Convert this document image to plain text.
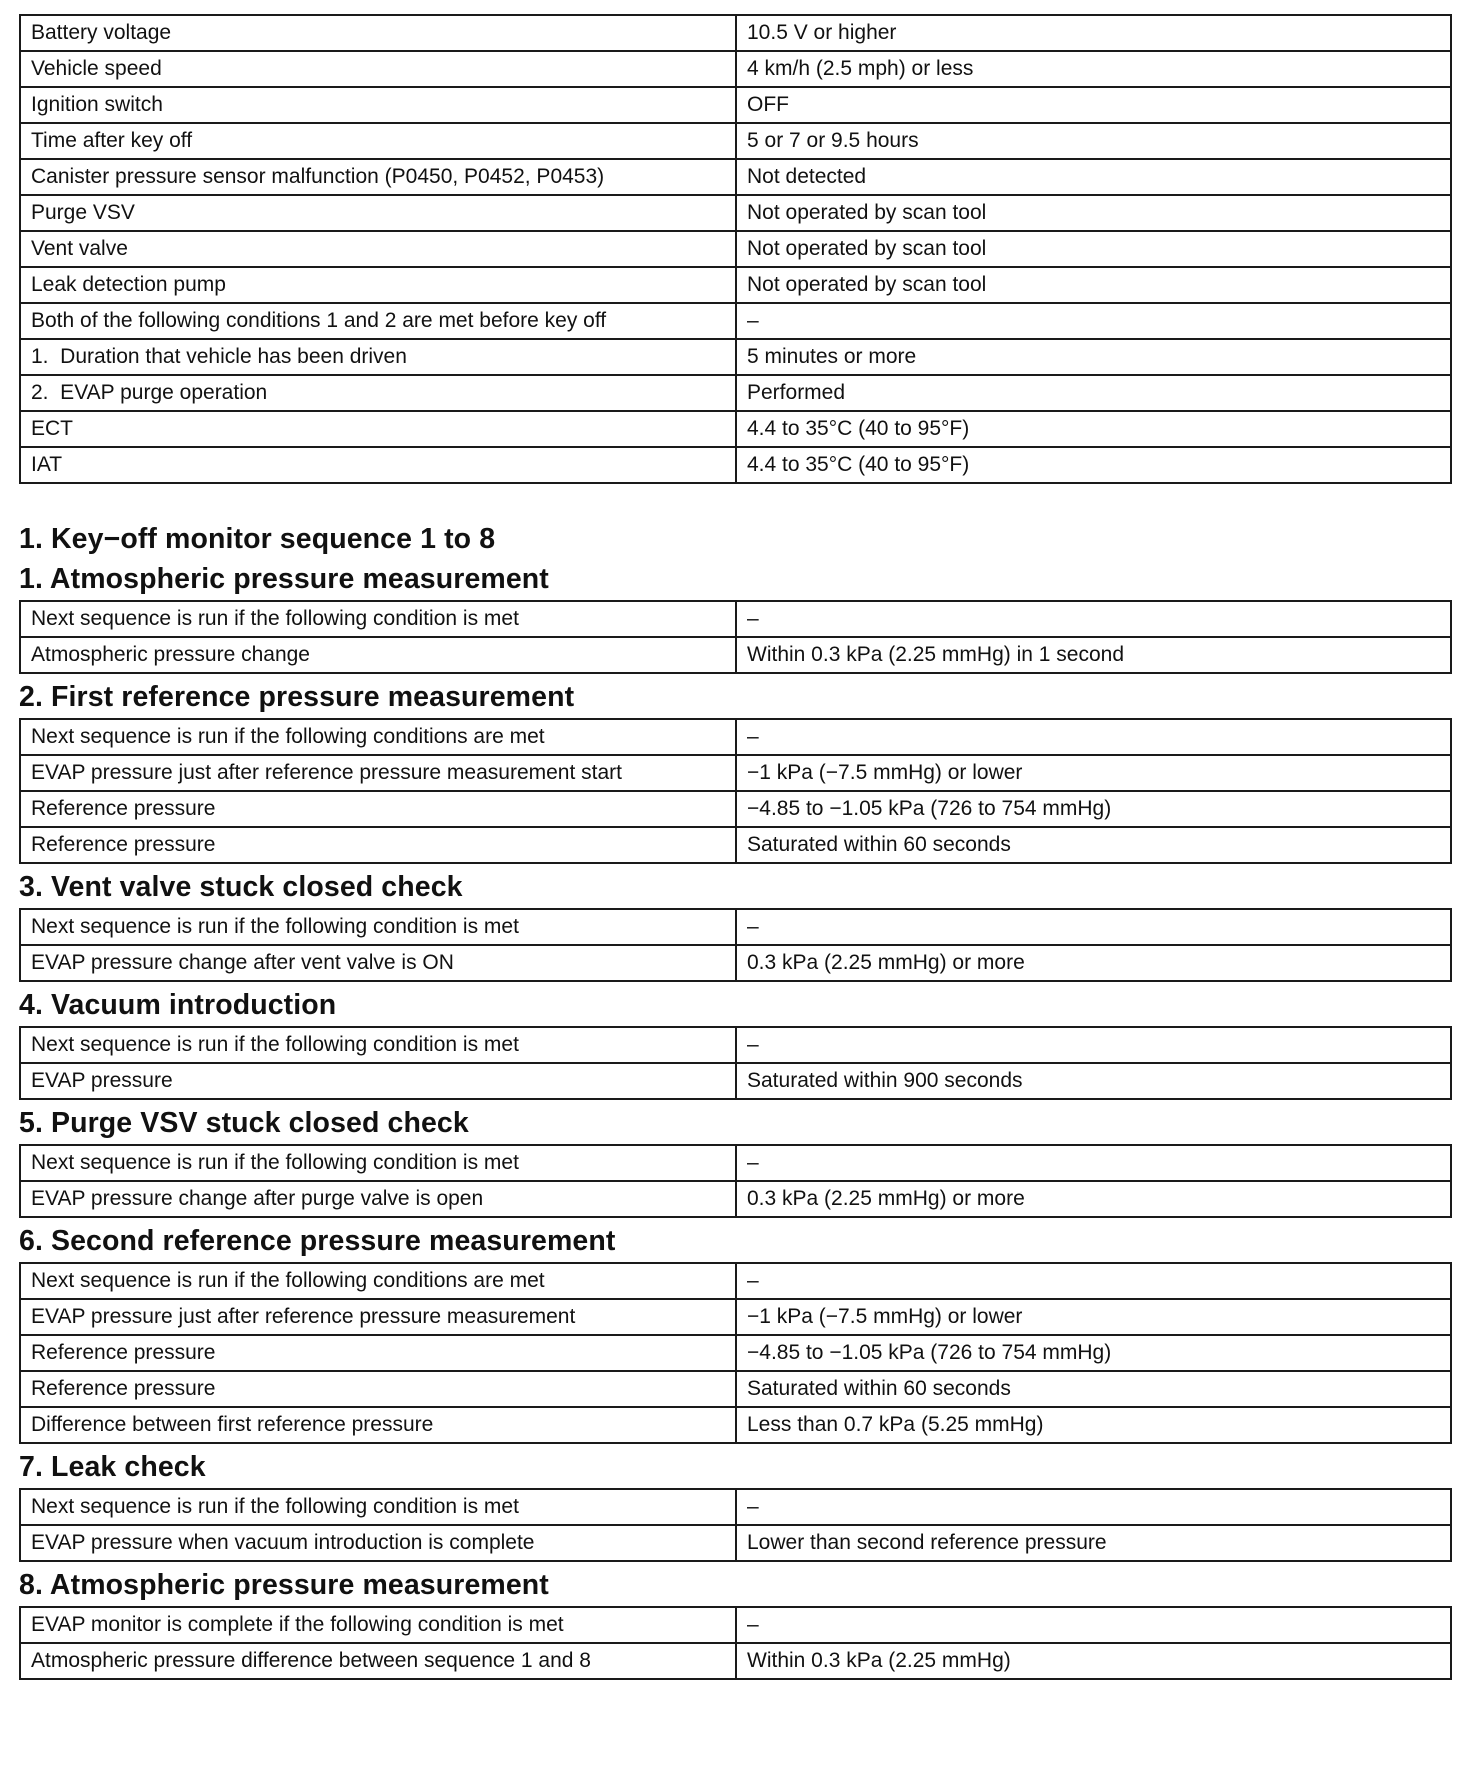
Battery voltage	10.5 V or higher
Vehicle speed	4 km/h (2.5 mph) or less
Ignition switch	OFF
Time after key off	5 or 7 or 9.5 hours
Canister pressure sensor malfunction (P0450, P0452, P0453)	Not detected
Purge VSV	Not operated by scan tool
Vent valve	Not operated by scan tool
Leak detection pump	Not operated by scan tool
Both of the following conditions 1 and 2 are met before key off	–
1.  Duration that vehicle has been driven	5 minutes or more
2.  EVAP purge operation	Performed
ECT	4.4 to 35°C (40 to 95°F)
IAT	4.4 to 35°C (40 to 95°F)
1. Key−off monitor sequence 1 to 8
1. Atmospheric pressure measurement
Next sequence is run if the following condition is met	–
Atmospheric pressure change	Within 0.3 kPa (2.25 mmHg) in 1 second
2. First reference pressure measurement
Next sequence is run if the following conditions are met	–
EVAP pressure just after reference pressure measurement start	−1 kPa (−7.5 mmHg) or lower
Reference pressure	−4.85 to −1.05 kPa (726 to 754 mmHg)
Reference pressure	Saturated within 60 seconds
3. Vent valve stuck closed check
Next sequence is run if the following condition is met	–
EVAP pressure change after vent valve is ON	0.3 kPa (2.25 mmHg) or more
4. Vacuum introduction
Next sequence is run if the following condition is met	–
EVAP pressure	Saturated within 900 seconds
5. Purge VSV stuck closed check
Next sequence is run if the following condition is met	–
EVAP pressure change after purge valve is open	0.3 kPa (2.25 mmHg) or more
6. Second reference pressure measurement
Next sequence is run if the following conditions are met	–
EVAP pressure just after reference pressure measurement	−1 kPa (−7.5 mmHg) or lower
Reference pressure	−4.85 to −1.05 kPa (726 to 754 mmHg)
Reference pressure	Saturated within 60 seconds
Difference between first reference pressure	Less than 0.7 kPa (5.25 mmHg)
7. Leak check
Next sequence is run if the following condition is met	–
EVAP pressure when vacuum introduction is complete	Lower than second reference pressure
8. Atmospheric pressure measurement
EVAP monitor is complete if the following condition is met	–
Atmospheric pressure difference between sequence 1 and 8	Within 0.3 kPa (2.25 mmHg)
